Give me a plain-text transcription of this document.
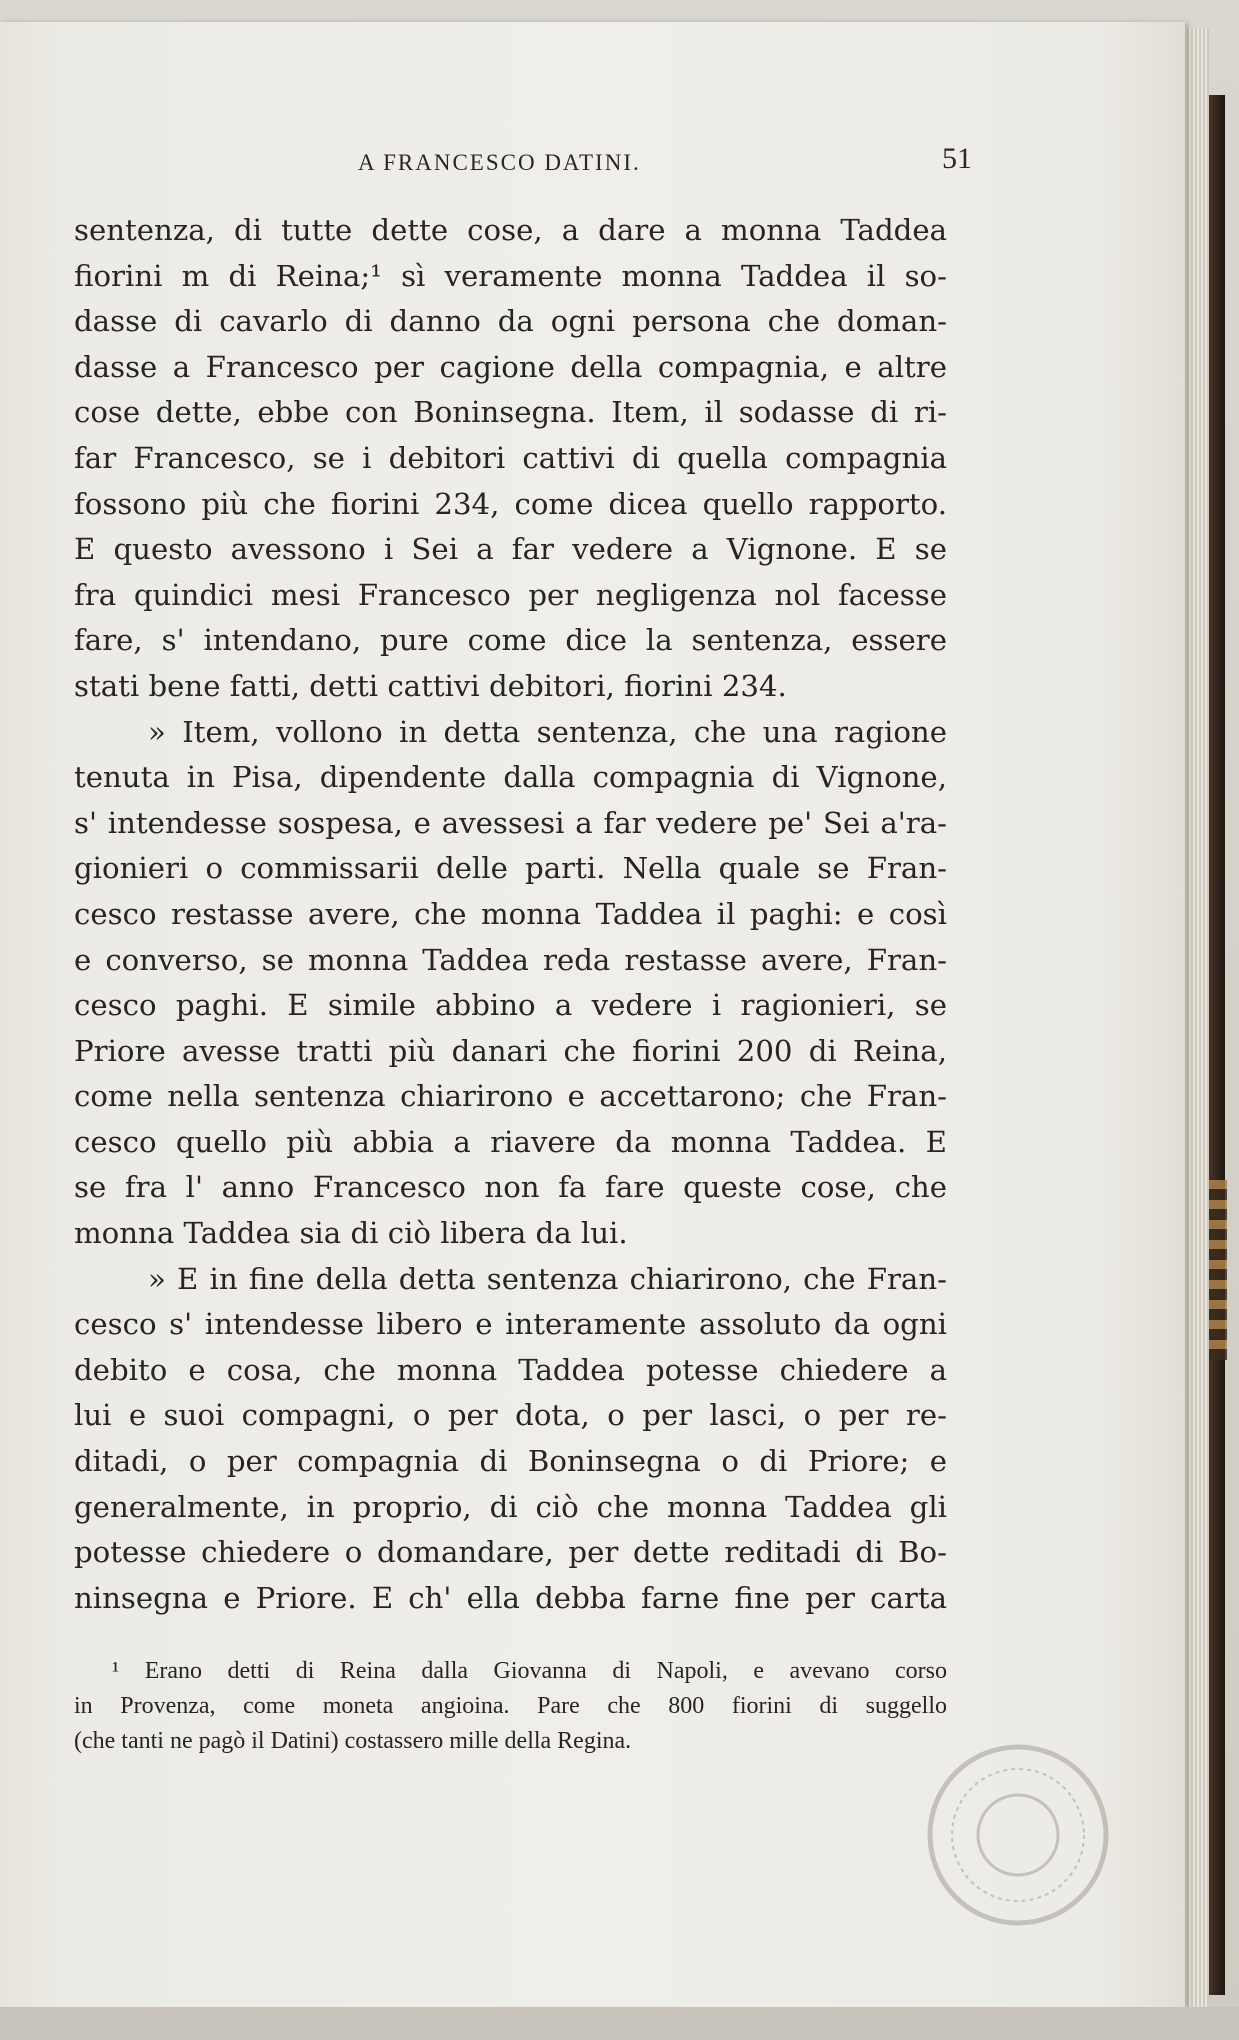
A FRANCESCO DATINI.	51
sentenza, di tutte dette cose, a dare a monna Taddea
fiorini m di Reina;¹ sì veramente monna Taddea il so-
dasse di cavarlo di danno da ogni persona che doman-
dasse a Francesco per cagione della compagnia, e altre
cose dette, ebbe con Boninsegna. Item, il sodasse di ri-
far Francesco, se i debitori cattivi di quella compagnia
fossono più che fiorini 234, come dicea quello rapporto.
E questo avessono i Sei a far vedere a Vignone. E se
fra quindici mesi Francesco per negligenza nol facesse
fare, s' intendano, pure come dice la sentenza, essere
stati bene fatti, detti cattivi debitori, fiorini 234.
» Item, vollono in detta sentenza, che una ragione
tenuta in Pisa, dipendente dalla compagnia di Vignone,
s' intendesse sospesa, e avessesi a far vedere pe' Sei a'ra-
gionieri o commissarii delle parti. Nella quale se Fran-
cesco restasse avere, che monna Taddea il paghi: e così
e converso, se monna Taddea reda restasse avere, Fran-
cesco paghi. E simile abbino a vedere i ragionieri, se
Priore avesse tratti più danari che fiorini 200 di Reina,
come nella sentenza chiarirono e accettarono; che Fran-
cesco quello più abbia a riavere da monna Taddea. E
se fra l' anno Francesco non fa fare queste cose, che
monna Taddea sia di ciò libera da lui.
» E in fine della detta sentenza chiarirono, che Fran-
cesco s' intendesse libero e interamente assoluto da ogni
debito e cosa, che monna Taddea potesse chiedere a
lui e suoi compagni, o per dota, o per lasci, o per re-
ditadi, o per compagnia di Boninsegna o di Priore; e
generalmente, in proprio, di ciò che monna Taddea gli
potesse chiedere o domandare, per dette reditadi di Bo-
ninsegna e Priore. E ch' ella debba farne fine per carta
¹ Erano detti di Reina dalla Giovanna di Napoli, e avevano corso
in Provenza, come moneta angioina. Pare che 800 fiorini di suggello
(che tanti ne pagò il Datini) costassero mille della Regina.
